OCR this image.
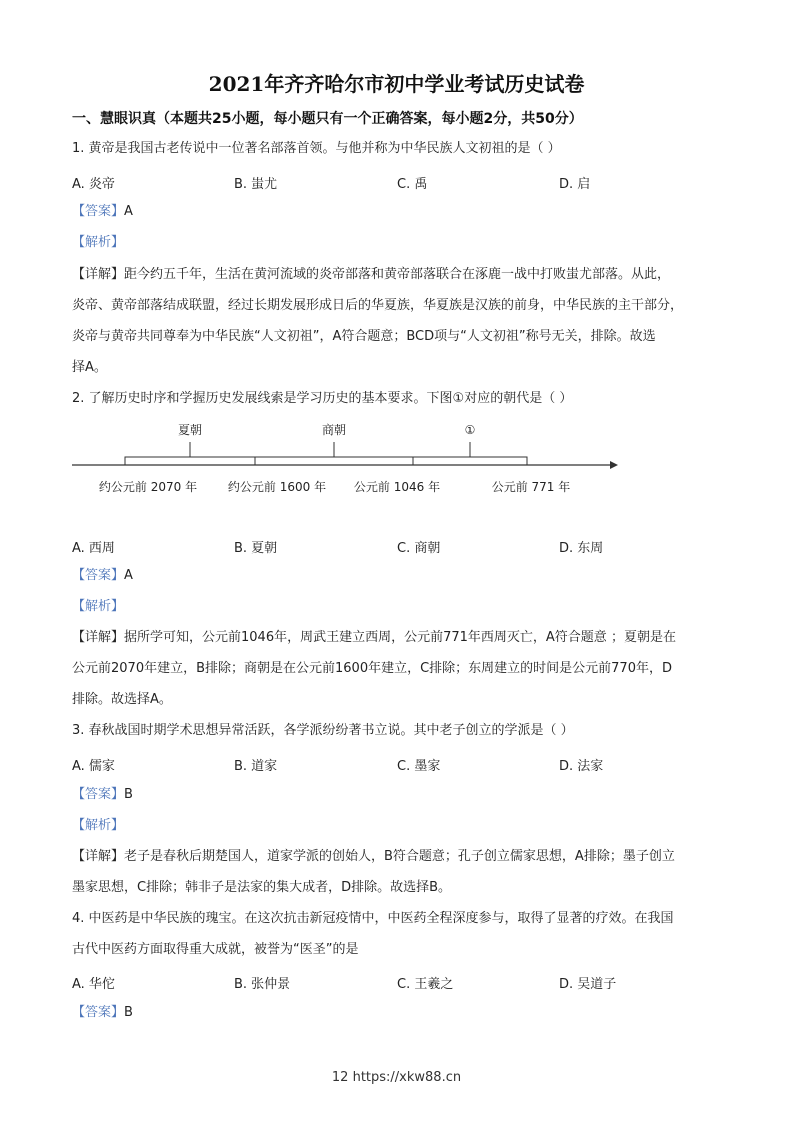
2021年齐齐哈尔市初中学业考试历史试卷
一、慧眼识真（本题共25小题，每小题只有一个正确答案，每小题2分，共50分）
1. 黄帝是我国古老传说中一位著名部落首领。与他并称为中华民族人文初祖的是（ ）
A. 炎帝	B. 蚩尤	C. 禹	D. 启
【答案】A
【解析】
【详解】距今约五千年，生活在黄河流域的炎帝部落和黄帝部落联合在涿鹿一战中打败蚩尤部落。从此，
炎帝、黄帝部落结成联盟，经过长期发展形成日后的华夏族，华夏族是汉族的前身，中华民族的主干部分，
炎帝与黄帝共同尊奉为中华民族“人文初祖”，A符合题意；BCD项与“人文初祖”称号无关，排除。故选
择A。
2. 了解历史时序和学握历史发展线索是学习历史的基本要求。下图①对应的朝代是（ ）
夏朝	商朝	①
约公元前 2070 年	约公元前 1600 年 公元前 1046 年	公元前 771 年
A. 西周	B. 夏朝	C. 商朝	D. 东周
【答案】A
【解析】
【详解】据所学可知，公元前1046年，周武王建立西周，公元前771年西周灭亡，A符合题意 ；夏朝是在
公元前2070年建立，B排除；商朝是在公元前1600年建立，C排除；东周建立的时间是公元前770年，D
排除。故选择A。
3. 春秋战国时期学术思想异常活跃，各学派纷纷著书立说。其中老子创立的学派是（ ）
A. 儒家	B. 道家	C. 墨家	D. 法家
【答案】B
【解析】
【详解】老子是春秋后期楚国人，道家学派的创始人，B符合题意；孔子创立儒家思想，A排除；墨子创立
墨家思想，C排除；韩非子是法家的集大成者，D排除。故选择B。
4. 中医药是中华民族的瑰宝。在这次抗击新冠疫情中，中医药全程深度参与，取得了显著的疗效。在我国
古代中医药方面取得重大成就，被誉为“医圣”的是
A. 华佗	B. 张仲景	C. 王羲之	D. 吴道子
【答案】B
12 https://xkw88.cn
